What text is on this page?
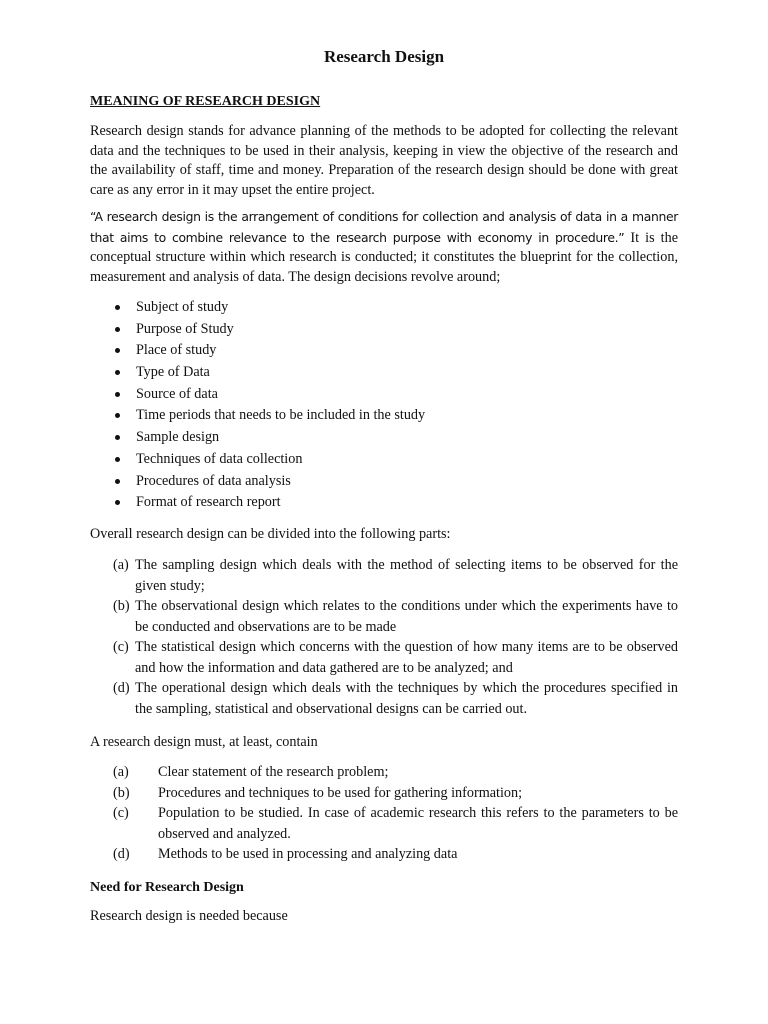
Research Design
MEANING OF RESEARCH DESIGN
Research design stands for advance planning of the methods to be adopted for collecting the relevant data and the techniques to be used in their analysis, keeping in view the objective of the research and the availability of staff, time and money. Preparation of the research design should be done with great care as any error in it may upset the entire project.
“A research design is the arrangement of conditions for collection and analysis of data in a manner that aims to combine relevance to the research purpose with economy in procedure.” It is the conceptual structure within which research is conducted; it constitutes the blueprint for the collection, measurement and analysis of data. The design decisions revolve around;
Subject of study
Purpose of Study
Place of study
Type of Data
Source of data
Time periods that needs to be included in the study
Sample design
Techniques of data collection
Procedures of data analysis
Format of research report
Overall research design can be divided into the following parts:
(a) The sampling design which deals with the method of selecting items to be observed for the given study;
(b) The observational design which relates to the conditions under which the experiments have to be conducted and observations are to be made
(c) The statistical design which concerns with the question of how many items are to be observed and how the information and data gathered are to be analyzed; and
(d) The operational design which deals with the techniques by which the procedures specified in the sampling, statistical and observational designs can be carried out.
A research design must, at least, contain
(a) Clear statement of the research problem;
(b) Procedures and techniques to be used for gathering information;
(c) Population to be studied. In case of academic research this refers to the parameters to be observed and analyzed.
(d) Methods to be used in processing and analyzing data
Need for Research Design
Research design is needed because
